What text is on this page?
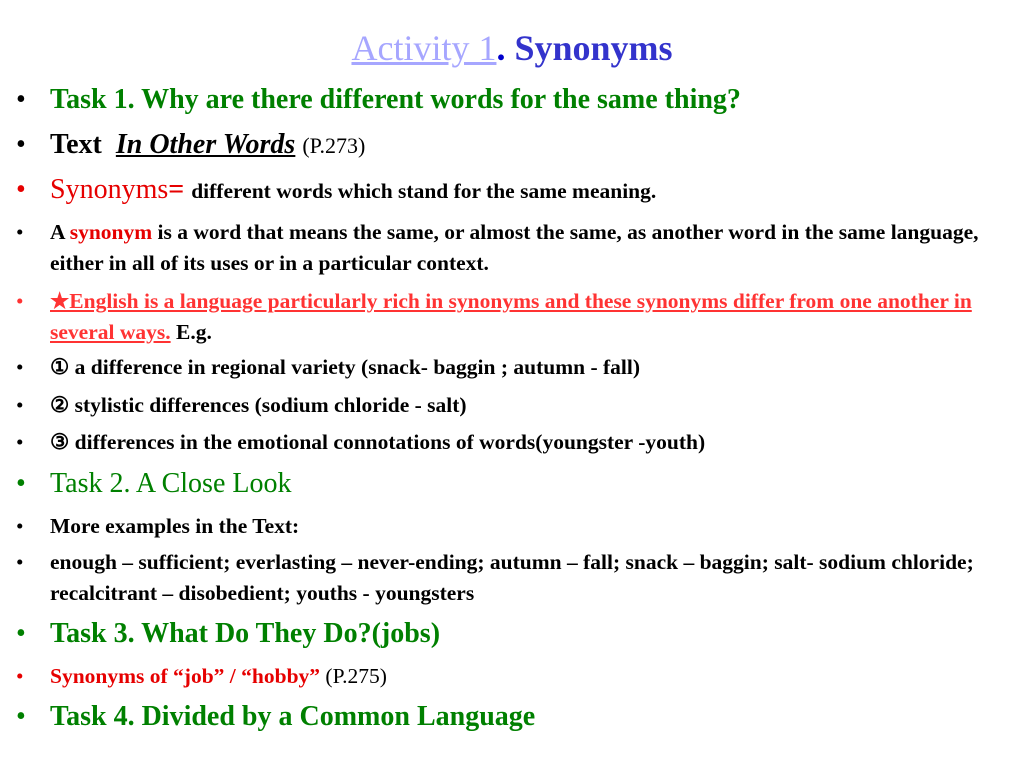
Activity 1. Synonyms
• Task 1. Why are there different words for the same thing?
• Text In Other Words (P.273)
• Synonyms= different words which stand for the same meaning.
• A synonym is a word that means the same, or almost the same, as another word in the same language, either in all of its uses or in a particular context.
• ★English is a language particularly rich in synonyms and these synonyms differ from one another in several ways. E.g.
• ① a difference in regional variety (snack- baggin ; autumn - fall)
• ② stylistic differences (sodium chloride - salt)
• ③ differences in the emotional connotations of words(youngster -youth)
• Task 2. A Close Look
• More examples in the Text:
• enough – sufficient; everlasting – never-ending; autumn – fall; snack – baggin; salt- sodium chloride; recalcitrant – disobedient; youths - youngsters
• Task 3. What Do They Do?(jobs)
• Synonyms of “job” / “hobby” (P.275)
• Task 4. Divided by a Common Language
